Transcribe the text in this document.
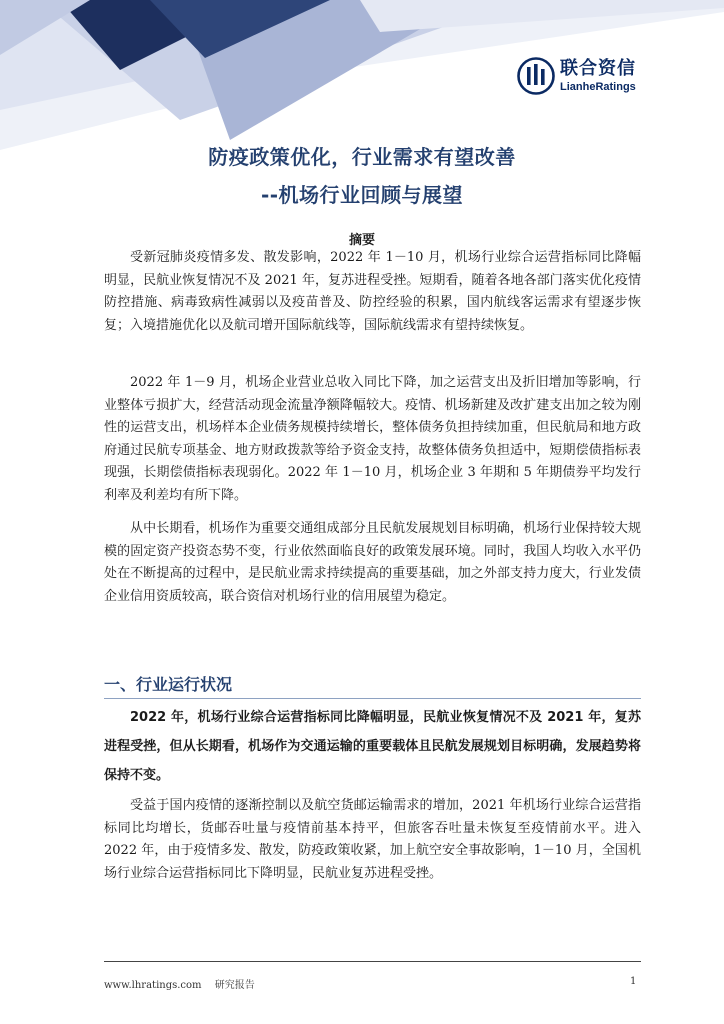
联合资信
LianheRatings
防疫政策优化，行业需求有望改善
--机场行业回顾与展望
摘要

受新冠肺炎疫情多发、散发影响，2022 年 1－10 月，机场行业综合运营指标同比降幅明显，民航业恢复情况不及 2021 年，复苏进程受挫。短期看，随着各地各部门落实优化疫情防控措施、病毒致病性减弱以及疫苗普及、防控经验的积累，国内航线客运需求有望逐步恢复；入境措施优化以及航司增开国际航线等，国际航线需求有望持续恢复。

2022 年 1－9 月，机场企业营业总收入同比下降，加之运营支出及折旧增加等影响，行业整体亏损扩大，经营活动现金流量净额降幅较大。疫情、机场新建及改扩建支出加之较为刚性的运营支出，机场样本企业债务规模持续增长，整体债务负担持续加重，但民航局和地方政府通过民航专项基金、地方财政拨款等给予资金支持，故整体债务负担适中，短期偿债指标表现强，长期偿债指标表现弱化。2022 年 1－10 月，机场企业 3 年期和 5 年期债券平均发行利率及利差均有所下降。

从中长期看，机场作为重要交通组成部分且民航发展规划目标明确，机场行业保持较大规模的固定资产投资态势不变，行业依然面临良好的政策发展环境。同时，我国人均收入水平仍处在不断提高的过程中，是民航业需求持续提高的重要基础，加之外部支持力度大，行业发债企业信用资质较高，联合资信对机场行业的信用展望为稳定。

一、行业运行状况

2022 年，机场行业综合运营指标同比降幅明显，民航业恢复情况不及 2021 年，复苏进程受挫，但从长期看，机场作为交通运输的重要载体且民航发展规划目标明确，发展趋势将保持不变。

受益于国内疫情的逐渐控制以及航空货邮运输需求的增加，2021 年机场行业综合运营指标同比均增长，货邮吞吐量与疫情前基本持平，但旅客吞吐量未恢复至疫情前水平。进入 2022 年，由于疫情多发、散发，防疫政策收紧，加上航空安全事故影响，1－10 月，全国机场行业综合运营指标同比下降明显，民航业复苏进程受挫。

www.lhratings.com 研究报告	1
